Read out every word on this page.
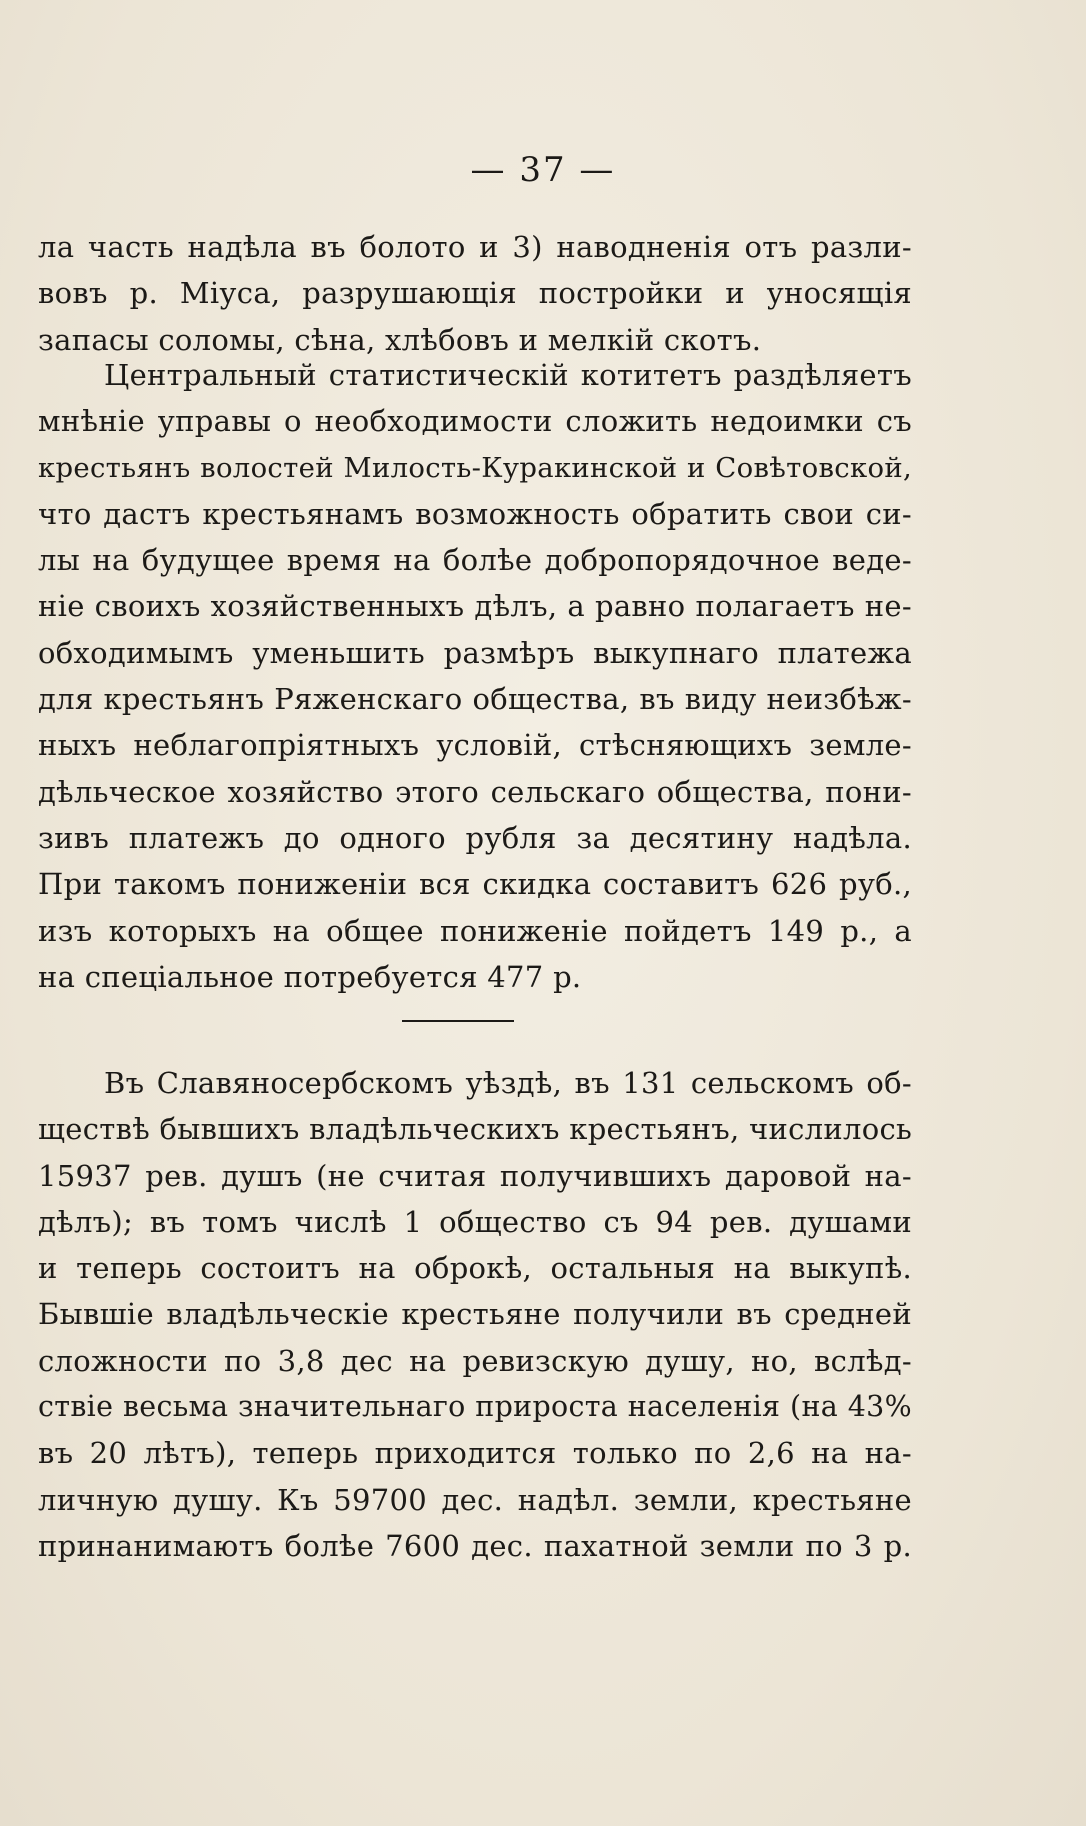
— 37 —
ла часть надѣла въ болото и 3) наводненія отъ разли-
вовъ р. Міуса, разрушающія постройки и уносящія
запасы соломы, сѣна, хлѣбовъ и мелкій скотъ.
Центральный статистическій котитетъ раздѣляетъ
мнѣніе управы о необходимости сложить недоимки съ
крестьянъ волостей Милость-Куракинской и Совѣтовской,
что дастъ крестьянамъ возможность обратить свои си-
лы на будущее время на болѣе добропорядочное веде-
ніе своихъ хозяйственныхъ дѣлъ, а равно полагаетъ не-
обходимымъ уменьшить размѣръ выкупнаго платежа
для крестьянъ Ряженскаго общества, въ виду неизбѣж-
ныхъ неблагопріятныхъ условій, стѣсняющихъ земле-
дѣльческое хозяйство этого сельскаго общества, пони-
зивъ платежъ до одного рубля за десятину надѣла.
При такомъ пониженіи вся скидка составитъ 626 руб.,
изъ которыхъ на общее пониженіе пойдетъ 149 р., а
на спеціальное потребуется 477 р.
Въ Славяносербскомъ уѣздѣ, въ 131 сельскомъ об-
ществѣ бывшихъ владѣльческихъ крестьянъ, числилось
15937 рев. душъ (не считая получившихъ даровой на-
дѣлъ); въ томъ числѣ 1 общество съ 94 рев. душами
и теперь состоитъ на оброкѣ, остальныя на выкупѣ.
Бывшіе владѣльческіе крестьяне получили въ средней
сложности по 3,8 дес на ревизскую душу, но, вслѣд-
ствіе весьма значительнаго прироста населенія (на 43%
въ 20 лѣтъ), теперь приходится только по 2,6 на на-
личную душу. Къ 59700 дес. надѣл. земли, крестьяне
принанимаютъ болѣе 7600 дес. пахатной земли по 3 р.
